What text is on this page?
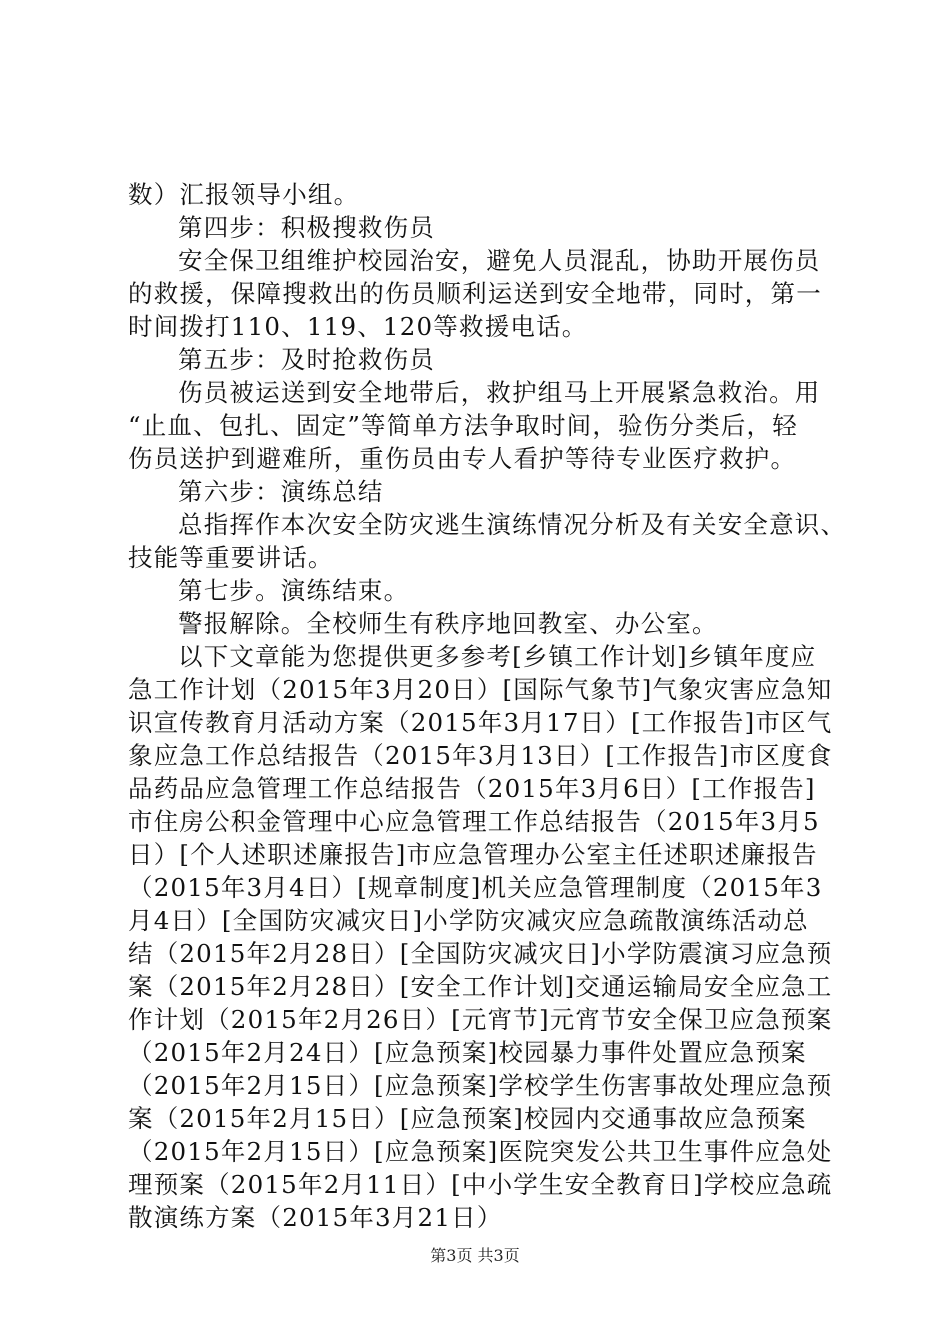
数）汇报领导小组。
第四步：积极搜救伤员
安全保卫组维护校园治安，避免人员混乱，协助开展伤员
的救援，保障搜救出的伤员顺利运送到安全地带，同时，第一
时间拨打110、119、120等救援电话。
第五步：及时抢救伤员
伤员被运送到安全地带后，救护组马上开展紧急救治。用
“止血、包扎、固定”等简单方法争取时间，验伤分类后，轻
伤员送护到避难所，重伤员由专人看护等待专业医疗救护。
第六步：演练总结
总指挥作本次安全防灾逃生演练情况分析及有关安全意识、
技能等重要讲话。
第七步。演练结束。
警报解除。全校师生有秩序地回教室、办公室。
以下文章能为您提供更多参考[乡镇工作计划]乡镇年度应
急工作计划（2015年3月20日）[国际气象节]气象灾害应急知
识宣传教育月活动方案（2015年3月17日）[工作报告]市区气
象应急工作总结报告（2015年3月13日）[工作报告]市区度食
品药品应急管理工作总结报告（2015年3月6日）[工作报告]
市住房公积金管理中心应急管理工作总结报告（2015年3月5
日）[个人述职述廉报告]市应急管理办公室主任述职述廉报告
（2015年3月4日）[规章制度]机关应急管理制度（2015年3
月4日）[全国防灾减灾日]小学防灾减灾应急疏散演练活动总
结（2015年2月28日）[全国防灾减灾日]小学防震演习应急预
案（2015年2月28日）[安全工作计划]交通运输局安全应急工
作计划（2015年2月26日）[元宵节]元宵节安全保卫应急预案
（2015年2月24日）[应急预案]校园暴力事件处置应急预案
（2015年2月15日）[应急预案]学校学生伤害事故处理应急预
案（2015年2月15日）[应急预案]校园内交通事故应急预案
（2015年2月15日）[应急预案]医院突发公共卫生事件应急处
理预案（2015年2月11日）[中小学生安全教育日]学校应急疏
散演练方案（2015年3月21日）
第3页 共3页
